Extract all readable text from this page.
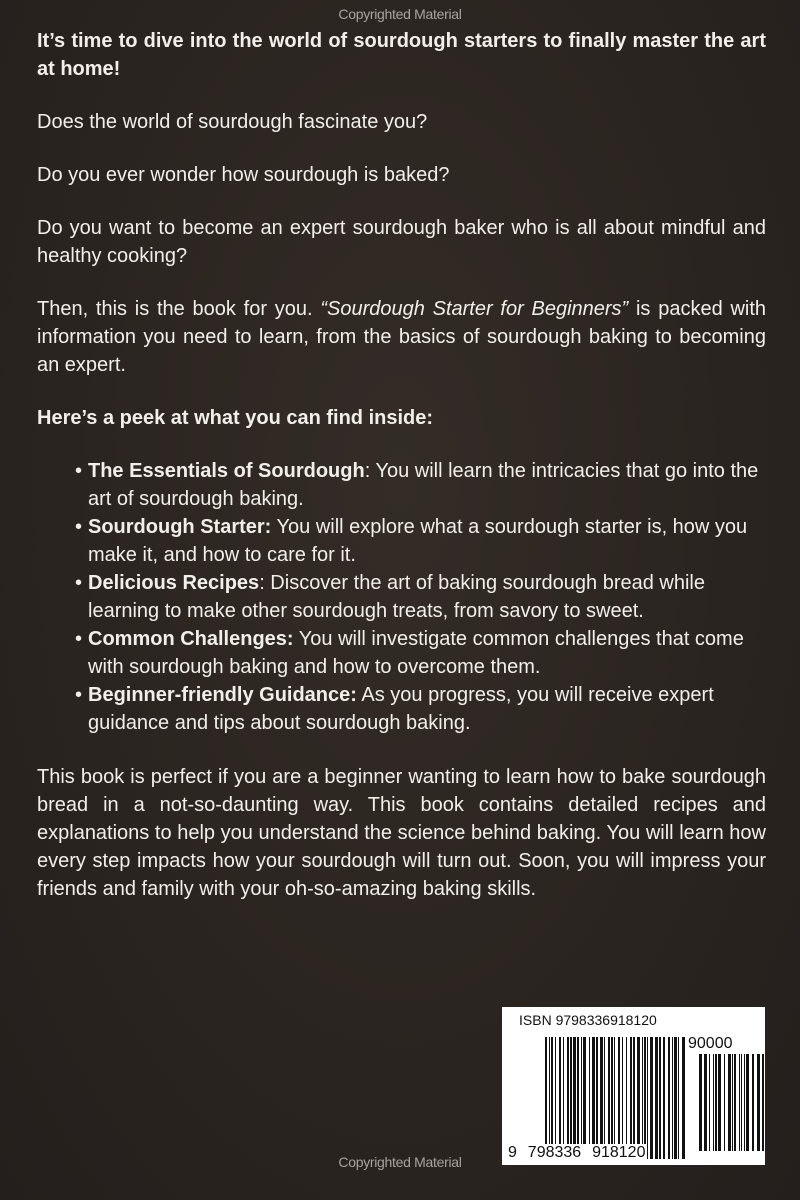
Copyrighted Material

It’s time to dive into the world of sourdough starters to finally master the art at home!

Does the world of sourdough fascinate you?

Do you ever wonder how sourdough is baked?

Do you want to become an expert sourdough baker who is all about mindful and healthy cooking?

Then, this is the book for you. “Sourdough Starter for Beginners” is packed with information you need to learn, from the basics of sourdough baking to becoming an expert.

Here’s a peek at what you can find inside:

• The Essentials of Sourdough: You will learn the intricacies that go into the art of sourdough baking.
• Sourdough Starter: You will explore what a sourdough starter is, how you make it, and how to care for it.
• Delicious Recipes: Discover the art of baking sourdough bread while learning to make other sourdough treats, from savory to sweet.
• Common Challenges: You will investigate common challenges that come with sourdough baking and how to overcome them.
• Beginner-friendly Guidance: As you progress, you will receive expert guidance and tips about sourdough baking.

This book is perfect if you are a beginner wanting to learn how to bake sourdough bread in a not-so-daunting way. This book contains detailed recipes and explanations to help you understand the science behind baking. You will learn how every step impacts how your sourdough will turn out. Soon, you will impress your friends and family with your oh-so-amazing baking skills.

ISBN 9798336918120
90000
9 798336 918120
Copyrighted Material
